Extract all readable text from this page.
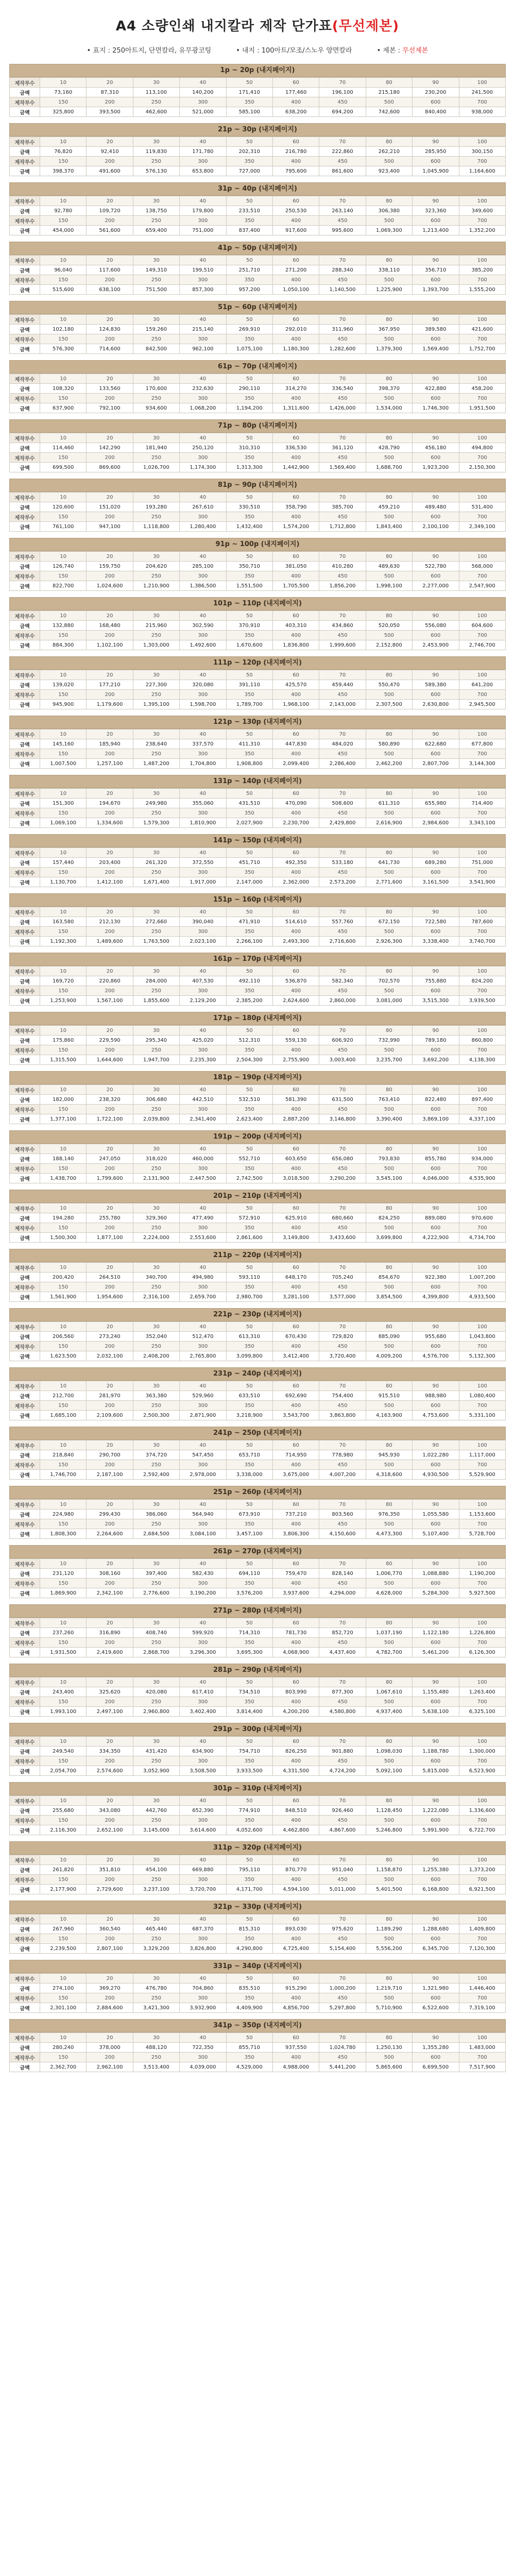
A4 소량인쇄 내지칼라 제작 단가표(무선제본)
• 표지 : 250아트지, 단면칼라, 유무광코팅	• 내지 : 100아트/모조/스노우 양면칼라	• 제본 : 무선제본
1p ~ 20p (내지페이지)
제작부수	10	20	30	40	50	60	70	80	90	100
금액	73,160	87,310	113,100	140,200	171,410	177,460	196,100	215,180	230,200	241,500
제작부수	150	200	250	300	350	400	450	500	600	700
금액	325,800	393,500	462,600	521,000	585,100	638,200	694,200	742,600	840,400	938,000
21p ~ 30p (내지페이지)
제작부수	10	20	30	40	50	60	70	80	90	100
금액	76,820	92,410	119,830	171,780	202,310	216,780	222,860	262,210	285,950	300,150
제작부수	150	200	250	300	350	400	450	500	600	700
금액	398,370	491,600	576,130	653,800	727,000	795,600	861,600	923,400	1,045,900	1,164,600
31p ~ 40p (내지페이지)
제작부수	10	20	30	40	50	60	70	80	90	100
금액	92,780	109,720	138,750	179,800	233,510	250,530	263,140	306,380	323,360	349,600
제작부수	150	200	250	300	350	400	450	500	600	700
금액	454,000	561,600	659,400	751,000	837,400	917,600	995,600	1,069,300	1,213,400	1,352,200
41p ~ 50p (내지페이지)
제작부수	10	20	30	40	50	60	70	80	90	100
금액	96,040	117,600	149,310	199,510	251,710	271,200	288,340	338,110	356,710	385,200
제작부수	150	200	250	300	350	400	450	500	600	700
금액	515,600	638,100	751,500	857,300	957,200	1,050,100	1,140,500	1,225,900	1,393,700	1,555,200
51p ~ 60p (내지페이지)
제작부수	10	20	30	40	50	60	70	80	90	100
금액	102,180	124,830	159,260	215,140	269,910	292,010	311,960	367,950	389,580	421,600
제작부수	150	200	250	300	350	400	450	500	600	700
금액	576,300	714,600	842,500	962,100	1,075,100	1,180,300	1,282,600	1,379,300	1,569,400	1,752,700
61p ~ 70p (내지페이지)
제작부수	10	20	30	40	50	60	70	80	90	100
금액	108,320	133,560	170,600	232,630	290,110	314,270	336,540	398,370	422,880	458,200
제작부수	150	200	250	300	350	400	450	500	600	700
금액	637,900	792,100	934,600	1,068,200	1,194,200	1,311,600	1,426,000	1,534,000	1,746,300	1,951,500
71p ~ 80p (내지페이지)
제작부수	10	20	30	40	50	60	70	80	90	100
금액	114,460	142,290	181,940	250,120	310,310	336,530	361,120	428,790	456,180	494,800
제작부수	150	200	250	300	350	400	450	500	600	700
금액	699,500	869,600	1,026,700	1,174,300	1,313,300	1,442,900	1,569,400	1,688,700	1,923,200	2,150,300
81p ~ 90p (내지페이지)
제작부수	10	20	30	40	50	60	70	80	90	100
금액	120,600	151,020	193,280	267,610	330,510	358,790	385,700	459,210	489,480	531,400
제작부수	150	200	250	300	350	400	450	500	600	700
금액	761,100	947,100	1,118,800	1,280,400	1,432,400	1,574,200	1,712,800	1,843,400	2,100,100	2,349,100
91p ~ 100p (내지페이지)
제작부수	10	20	30	40	50	60	70	80	90	100
금액	126,740	159,750	204,620	285,100	350,710	381,050	410,280	489,630	522,780	568,000
제작부수	150	200	250	300	350	400	450	500	600	700
금액	822,700	1,024,600	1,210,900	1,386,500	1,551,500	1,705,500	1,856,200	1,998,100	2,277,000	2,547,900
101p ~ 110p (내지페이지)
제작부수	10	20	30	40	50	60	70	80	90	100
금액	132,880	168,480	215,960	302,590	370,910	403,310	434,860	520,050	556,080	604,600
제작부수	150	200	250	300	350	400	450	500	600	700
금액	884,300	1,102,100	1,303,000	1,492,600	1,670,600	1,836,800	1,999,600	2,152,800	2,453,900	2,746,700
111p ~ 120p (내지페이지)
제작부수	10	20	30	40	50	60	70	80	90	100
금액	139,020	177,210	227,300	320,080	391,110	425,570	459,440	550,470	589,380	641,200
제작부수	150	200	250	300	350	400	450	500	600	700
금액	945,900	1,179,600	1,395,100	1,598,700	1,789,700	1,968,100	2,143,000	2,307,500	2,630,800	2,945,500
121p ~ 130p (내지페이지)
제작부수	10	20	30	40	50	60	70	80	90	100
금액	145,160	185,940	238,640	337,570	411,310	447,830	484,020	580,890	622,680	677,800
제작부수	150	200	250	300	350	400	450	500	600	700
금액	1,007,500	1,257,100	1,487,200	1,704,800	1,908,800	2,099,400	2,286,400	2,462,200	2,807,700	3,144,300
131p ~ 140p (내지페이지)
제작부수	10	20	30	40	50	60	70	80	90	100
금액	151,300	194,670	249,980	355,060	431,510	470,090	508,600	611,310	655,980	714,400
제작부수	150	200	250	300	350	400	450	500	600	700
금액	1,069,100	1,334,600	1,579,300	1,810,900	2,027,900	2,230,700	2,429,800	2,616,900	2,984,600	3,343,100
141p ~ 150p (내지페이지)
제작부수	10	20	30	40	50	60	70	80	90	100
금액	157,440	203,400	261,320	372,550	451,710	492,350	533,180	641,730	689,280	751,000
제작부수	150	200	250	300	350	400	450	500	600	700
금액	1,130,700	1,412,100	1,671,400	1,917,000	2,147,000	2,362,000	2,573,200	2,771,600	3,161,500	3,541,900
151p ~ 160p (내지페이지)
제작부수	10	20	30	40	50	60	70	80	90	100
금액	163,580	212,130	272,660	390,040	471,910	514,610	557,760	672,150	722,580	787,600
제작부수	150	200	250	300	350	400	450	500	600	700
금액	1,192,300	1,489,600	1,763,500	2,023,100	2,266,100	2,493,300	2,716,600	2,926,300	3,338,400	3,740,700
161p ~ 170p (내지페이지)
제작부수	10	20	30	40	50	60	70	80	90	100
금액	169,720	220,860	284,000	407,530	492,110	536,870	582,340	702,570	755,880	824,200
제작부수	150	200	250	300	350	400	450	500	600	700
금액	1,253,900	1,567,100	1,855,600	2,129,200	2,385,200	2,624,600	2,860,000	3,081,000	3,515,300	3,939,500
171p ~ 180p (내지페이지)
제작부수	10	20	30	40	50	60	70	80	90	100
금액	175,860	229,590	295,340	425,020	512,310	559,130	606,920	732,990	789,180	860,800
제작부수	150	200	250	300	350	400	450	500	600	700
금액	1,315,500	1,644,600	1,947,700	2,235,300	2,504,300	2,755,900	3,003,400	3,235,700	3,692,200	4,138,300
181p ~ 190p (내지페이지)
제작부수	10	20	30	40	50	60	70	80	90	100
금액	182,000	238,320	306,680	442,510	532,510	581,390	631,500	763,410	822,480	897,400
제작부수	150	200	250	300	350	400	450	500	600	700
금액	1,377,100	1,722,100	2,039,800	2,341,400	2,623,400	2,887,200	3,146,800	3,390,400	3,869,100	4,337,100
191p ~ 200p (내지페이지)
제작부수	10	20	30	40	50	60	70	80	90	100
금액	188,140	247,050	318,020	460,000	552,710	603,650	656,080	793,830	855,780	934,000
제작부수	150	200	250	300	350	400	450	500	600	700
금액	1,438,700	1,799,600	2,131,900	2,447,500	2,742,500	3,018,500	3,290,200	3,545,100	4,046,000	4,535,900
201p ~ 210p (내지페이지)
제작부수	10	20	30	40	50	60	70	80	90	100
금액	194,280	255,780	329,360	477,490	572,910	625,910	680,660	824,250	889,080	970,600
제작부수	150	200	250	300	350	400	450	500	600	700
금액	1,500,300	1,877,100	2,224,000	2,553,600	2,861,600	3,149,800	3,433,600	3,699,800	4,222,900	4,734,700
211p ~ 220p (내지페이지)
제작부수	10	20	30	40	50	60	70	80	90	100
금액	200,420	264,510	340,700	494,980	593,110	648,170	705,240	854,670	922,380	1,007,200
제작부수	150	200	250	300	350	400	450	500	600	700
금액	1,561,900	1,954,600	2,316,100	2,659,700	2,980,700	3,281,100	3,577,000	3,854,500	4,399,800	4,933,500
221p ~ 230p (내지페이지)
제작부수	10	20	30	40	50	60	70	80	90	100
금액	206,560	273,240	352,040	512,470	613,310	670,430	729,820	885,090	955,680	1,043,800
제작부수	150	200	250	300	350	400	450	500	600	700
금액	1,623,500	2,032,100	2,408,200	2,765,800	3,099,800	3,412,400	3,720,400	4,009,200	4,576,700	5,132,300
231p ~ 240p (내지페이지)
제작부수	10	20	30	40	50	60	70	80	90	100
금액	212,700	281,970	363,380	529,960	633,510	692,690	754,400	915,510	988,980	1,080,400
제작부수	150	200	250	300	350	400	450	500	600	700
금액	1,685,100	2,109,600	2,500,300	2,871,900	3,218,900	3,543,700	3,863,800	4,163,900	4,753,600	5,331,100
241p ~ 250p (내지페이지)
제작부수	10	20	30	40	50	60	70	80	90	100
금액	218,840	290,700	374,720	547,450	653,710	714,950	778,980	945,930	1,022,280	1,117,000
제작부수	150	200	250	300	350	400	450	500	600	700
금액	1,746,700	2,187,100	2,592,400	2,978,000	3,338,000	3,675,000	4,007,200	4,318,600	4,930,500	5,529,900
251p ~ 260p (내지페이지)
제작부수	10	20	30	40	50	60	70	80	90	100
금액	224,980	299,430	386,060	564,940	673,910	737,210	803,560	976,350	1,055,580	1,153,600
제작부수	150	200	250	300	350	400	450	500	600	700
금액	1,808,300	2,264,600	2,684,500	3,084,100	3,457,100	3,806,300	4,150,600	4,473,300	5,107,400	5,728,700
261p ~ 270p (내지페이지)
제작부수	10	20	30	40	50	60	70	80	90	100
금액	231,120	308,160	397,400	582,430	694,110	759,470	828,140	1,006,770	1,088,880	1,190,200
제작부수	150	200	250	300	350	400	450	500	600	700
금액	1,869,900	2,342,100	2,776,600	3,190,200	3,576,200	3,937,600	4,294,000	4,628,000	5,284,300	5,927,500
271p ~ 280p (내지페이지)
제작부수	10	20	30	40	50	60	70	80	90	100
금액	237,260	316,890	408,740	599,920	714,310	781,730	852,720	1,037,190	1,122,180	1,226,800
제작부수	150	200	250	300	350	400	450	500	600	700
금액	1,931,500	2,419,600	2,868,700	3,296,300	3,695,300	4,068,900	4,437,400	4,782,700	5,461,200	6,126,300
281p ~ 290p (내지페이지)
제작부수	10	20	30	40	50	60	70	80	90	100
금액	243,400	325,620	420,080	617,410	734,510	803,990	877,300	1,067,610	1,155,480	1,263,400
제작부수	150	200	250	300	350	400	450	500	600	700
금액	1,993,100	2,497,100	2,960,800	3,402,400	3,814,400	4,200,200	4,580,800	4,937,400	5,638,100	6,325,100
291p ~ 300p (내지페이지)
제작부수	10	20	30	40	50	60	70	80	90	100
금액	249,540	334,350	431,420	634,900	754,710	826,250	901,880	1,098,030	1,188,780	1,300,000
제작부수	150	200	250	300	350	400	450	500	600	700
금액	2,054,700	2,574,600	3,052,900	3,508,500	3,933,500	4,331,500	4,724,200	5,092,100	5,815,000	6,523,900
301p ~ 310p (내지페이지)
제작부수	10	20	30	40	50	60	70	80	90	100
금액	255,680	343,080	442,760	652,390	774,910	848,510	926,460	1,128,450	1,222,080	1,336,600
제작부수	150	200	250	300	350	400	450	500	600	700
금액	2,116,300	2,652,100	3,145,000	3,614,600	4,052,600	4,462,800	4,867,600	5,246,800	5,991,900	6,722,700
311p ~ 320p (내지페이지)
제작부수	10	20	30	40	50	60	70	80	90	100
금액	261,820	351,810	454,100	669,880	795,110	870,770	951,040	1,158,870	1,255,380	1,373,200
제작부수	150	200	250	300	350	400	450	500	600	700
금액	2,177,900	2,729,600	3,237,100	3,720,700	4,171,700	4,594,100	5,011,000	5,401,500	6,168,800	6,921,500
321p ~ 330p (내지페이지)
제작부수	10	20	30	40	50	60	70	80	90	100
금액	267,960	360,540	465,440	687,370	815,310	893,030	975,620	1,189,290	1,288,680	1,409,800
제작부수	150	200	250	300	350	400	450	500	600	700
금액	2,239,500	2,807,100	3,329,200	3,826,800	4,290,800	4,725,400	5,154,400	5,556,200	6,345,700	7,120,300
331p ~ 340p (내지페이지)
제작부수	10	20	30	40	50	60	70	80	90	100
금액	274,100	369,270	476,780	704,860	835,510	915,290	1,000,200	1,219,710	1,321,980	1,446,400
제작부수	150	200	250	300	350	400	450	500	600	700
금액	2,301,100	2,884,600	3,421,300	3,932,900	4,409,900	4,856,700	5,297,800	5,710,900	6,522,600	7,319,100
341p ~ 350p (내지페이지)
제작부수	10	20	30	40	50	60	70	80	90	100
금액	280,240	378,000	488,120	722,350	855,710	937,550	1,024,780	1,250,130	1,355,280	1,483,000
제작부수	150	200	250	300	350	400	450	500	600	700
금액	2,362,700	2,962,100	3,513,400	4,039,000	4,529,000	4,988,000	5,441,200	5,865,600	6,699,500	7,517,900
